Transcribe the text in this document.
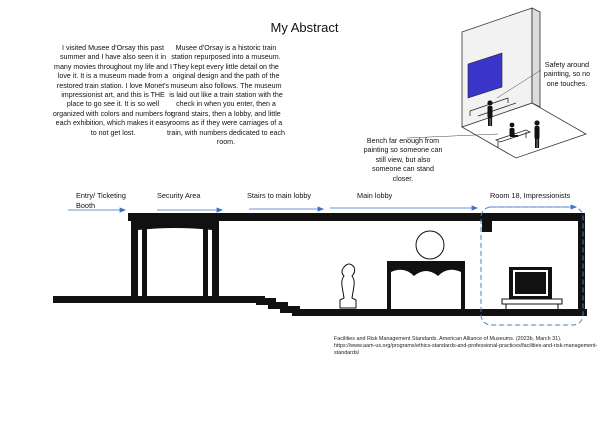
My Abstract
I visited Musee d'Orsay this past summer and I have also seen it in many movies throughout my life and I love it. It is a museum made from a restored train station. I love Monet's impressionist art, and this is THE place to go see it. It is so well organized with colors and numbers for each exhibition, which makes it easy to not get lost.
Musee d'Orsay is a historic train station repurposed into a museum. They kept every little detail on the original design and the path of the museum also follows. The museum is laid out like a train station with the check in when you enter, then a grand stairs, then a lobby, and little rooms as if they were carriages of a train, with numbers dedicated to each room.
Safety around painting, so no one touches.
Bench far enough from painting so someone can still view, but also someone can stand closer.
Entry/ Ticketing Booth
Security Area	Stairs to main lobby	Main lobby	Room 18, Impressionists
Facilities and Risk Management Standards. American Alliance of Museums. (2023b, March 31). https://www.aam-us.org/programs/ethics-standards-and-professional-practices/facilities-and-risk-management-standards/
